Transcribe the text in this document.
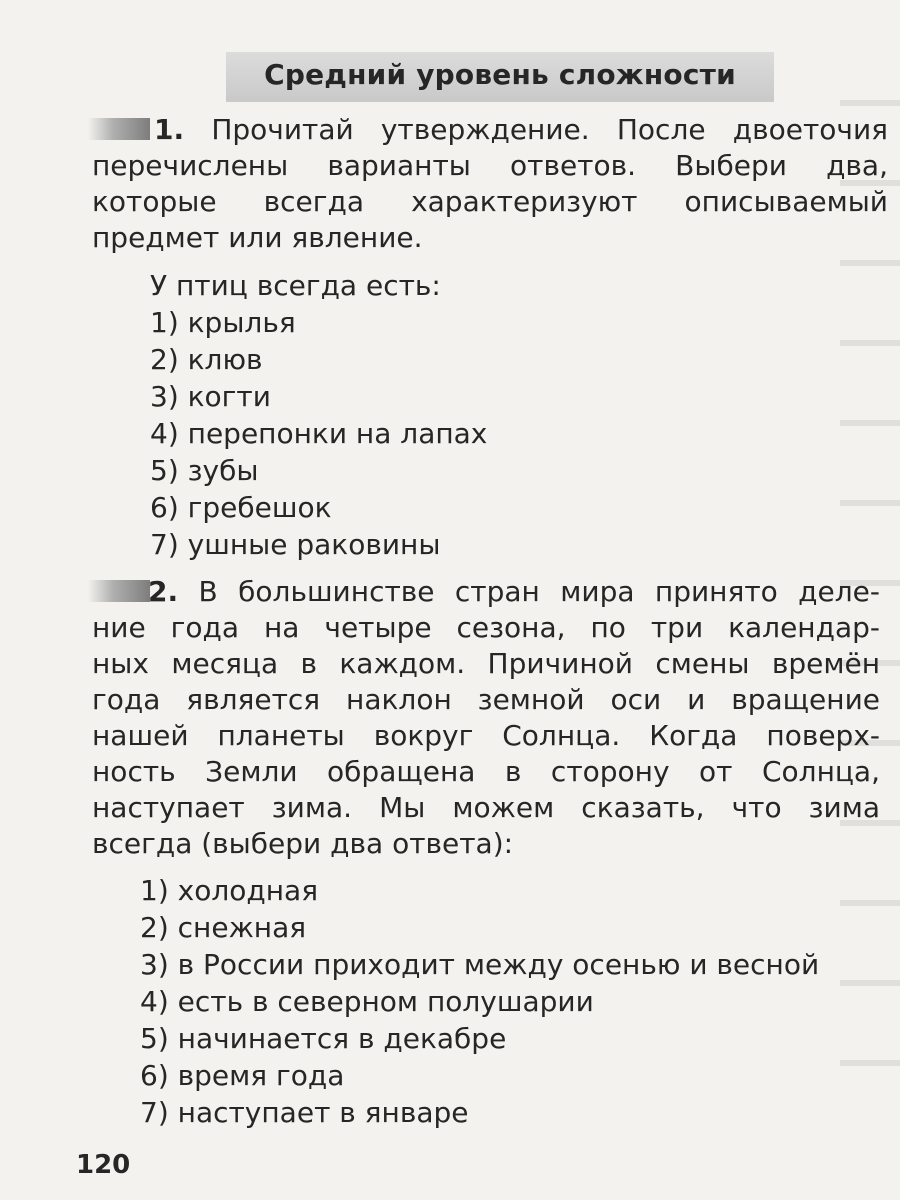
Средний уровень сложности
1. Прочитай утверждение. После двоеточия
перечислены варианты ответов. Выбери два,
которые всегда характеризуют описываемый
предмет или явление.
У птиц всегда есть:
1) крылья
2) клюв
3) когти
4) перепонки на лапах
5) зубы
6) гребешок
7) ушные раковины
2. В большинстве стран мира принято деле-
ние года на четыре сезона, по три календар-
ных месяца в каждом. Причиной смены времён
года является наклон земной оси и вращение
нашей планеты вокруг Солнца. Когда поверх-
ность Земли обращена в сторону от Солнца,
наступает зима. Мы можем сказать, что зима
всегда (выбери два ответа):
1) холодная
2) снежная
3) в России приходит между осенью и весной
4) есть в северном полушарии
5) начинается в декабре
6) время года
7) наступает в январе
120
